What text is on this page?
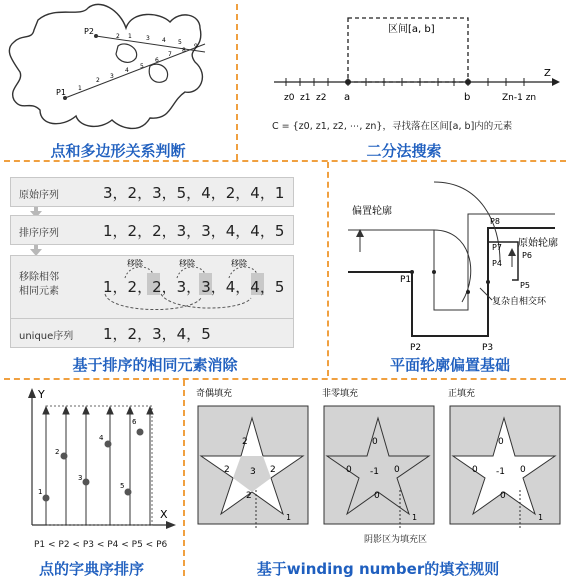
P1
P2
1
2
3
4
5
6
7
8
9
1 3 4 5
2
点和多边形关系判断
区间[a, b]
Z
z0 z1 z2 a	b	Zn-1 zn
C = {z0, z1, z2, ⋯, zn}，寻找落在区间[a, b]内的元素
二分法搜索
原始序列	3，2，3，5，4，2，4，1
排序序列	1，2，2，3，3，4，4，5
移除相邻
相同元素
移除	移除	移除
1，2，2，3，3，4，4，5
unique序列 1，2，3，4，5
基于排序的相同元素消除
偏置轮廓
原始轮廓
复杂自相交环
P1
P2	P3
P4
P5
P6
P7
P8
平面轮廓偏置基础
Y
X
1
2
3
4
5
6
P1 < P2 < P3 < P4 < P5 < P6
点的字典序排序
奇偶填充
2
2 3 2
2
1
非零填充
0
0 -1 0
0
1
正填充
0
0 -1 0
0
1
阴影区为填充区
基于winding number的填充规则
